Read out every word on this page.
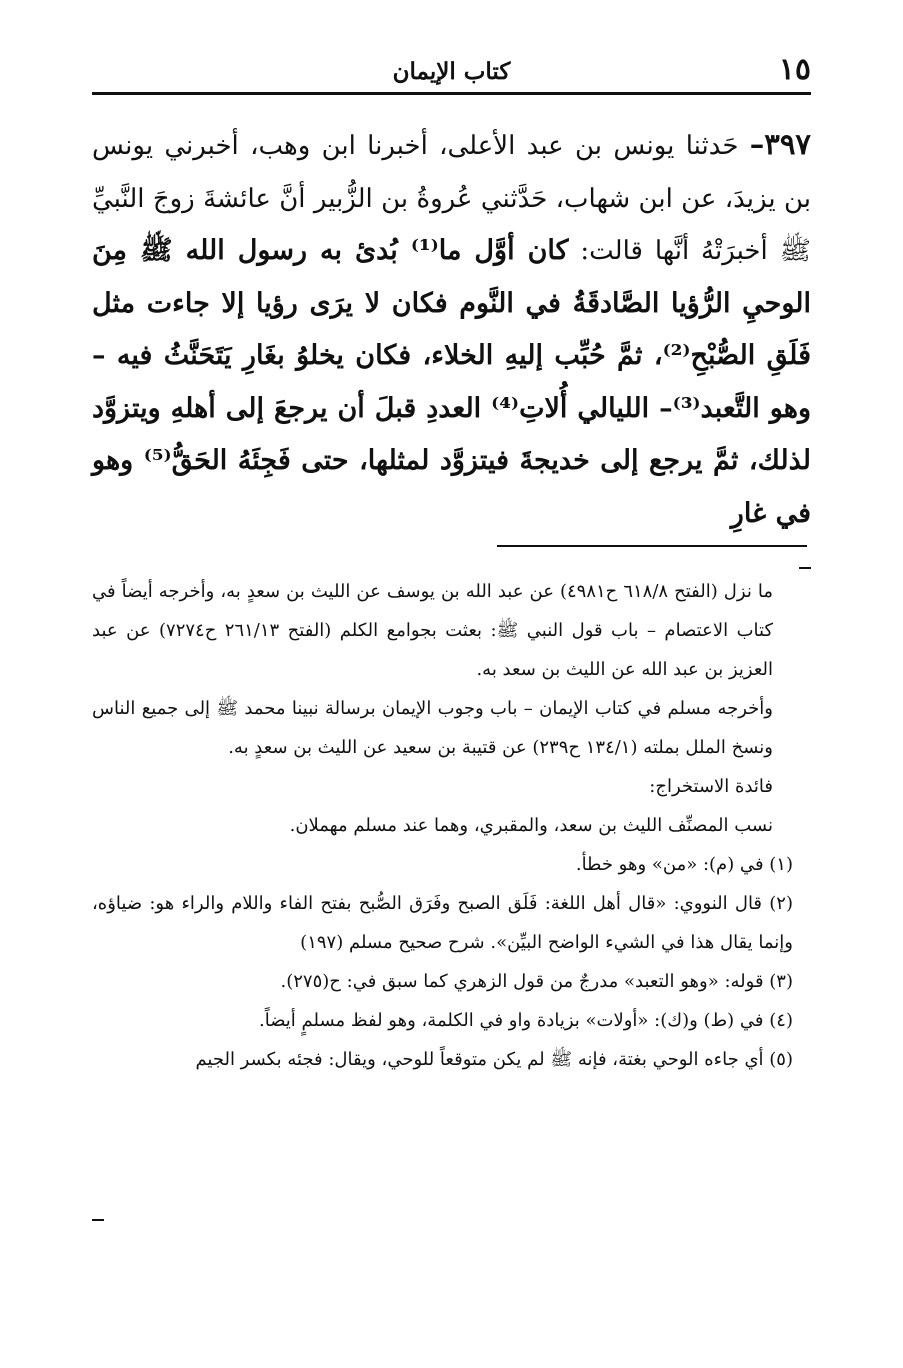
١٥
كتاب الإيمان
٣٩٧– حَدثنا يونس بن عبد الأعلى، أخبرنا ابن وهب، أخبرني يونس بن يزيدَ، عن ابن شهاب، حَدَّثني عُروةُ بن الزُّبير أنَّ عائشةَ زوجَ النَّبيِّ ﷺ أخبرَتْهُ أنَّها قالت: كان أوَّل ما⁽¹⁾ بُدئ به رسول الله ﷺ مِنَ الوحيِ الرُّؤيا الصَّادقَةُ في النَّوم فكان لا يرَى رؤيا إلا جاءت مثل فَلَقِ الصُّبْحِ⁽²⁾، ثمَّ حُبِّب إليهِ الخلاء، فكان يخلوُ بغَارِ يَتَحَنَّثُ فيه –وهو التَّعبد⁽³⁾– الليالي أُلاتِ⁽⁴⁾ العددِ قبلَ أن يرجعَ إلى أهلهِ ويتزوَّد لذلك، ثمَّ يرجع إلى خديجةَ فيتزوَّد لمثلها، حتى فَجِئَهُ الحَقُّ⁽⁵⁾ وهو في غارِ

ما نزل (الفتح ٦١٨/٨ ح٤٩٨١) عن عبد الله بن يوسف عن الليث بن سعدٍ به، وأخرجه أيضاً في كتاب الاعتصام – باب قول النبي ﷺ: بعثت بجوامع الكلم (الفتح ٢٦١/١٣ ح٧٢٧٤) عن عبد العزيز بن عبد الله عن الليث بن سعد به.

وأخرجه مسلم في كتاب الإيمان – باب وجوب الإيمان برسالة نبينا محمد ﷺ إلى جميع الناس ونسخ الملل بملته (١٣٤/١ ح٢٣٩) عن قتيبة بن سعيد عن الليث بن سعدٍ به.

فائدة الاستخراج:

نسب المصنِّف الليث بن سعد، والمقبري، وهما عند مسلم مهملان.

(١) في (م): «من» وهو خطأ.

(٢) قال النووي: «قال أهل اللغة: فَلَق الصبح وفَرَق الصُّبح بفتح الفاء واللام والراء هو: ضياؤه، وإنما يقال هذا في الشيء الواضح البيِّن». شرح صحيح مسلم (١٩٧)

(٣) قوله: «وهو التعبد» مدرجٌ من قول الزهري كما سبق في: ح(٢٧٥).

(٤) في (ط) و(ك): «أولات» بزيادة واو في الكلمة، وهو لفظ مسلمٍ أيضاً.

(٥) أي جاءه الوحي بغتة، فإنه ﷺ لم يكن متوقعاً للوحي، ويقال: فجئه بكسر الجيم
